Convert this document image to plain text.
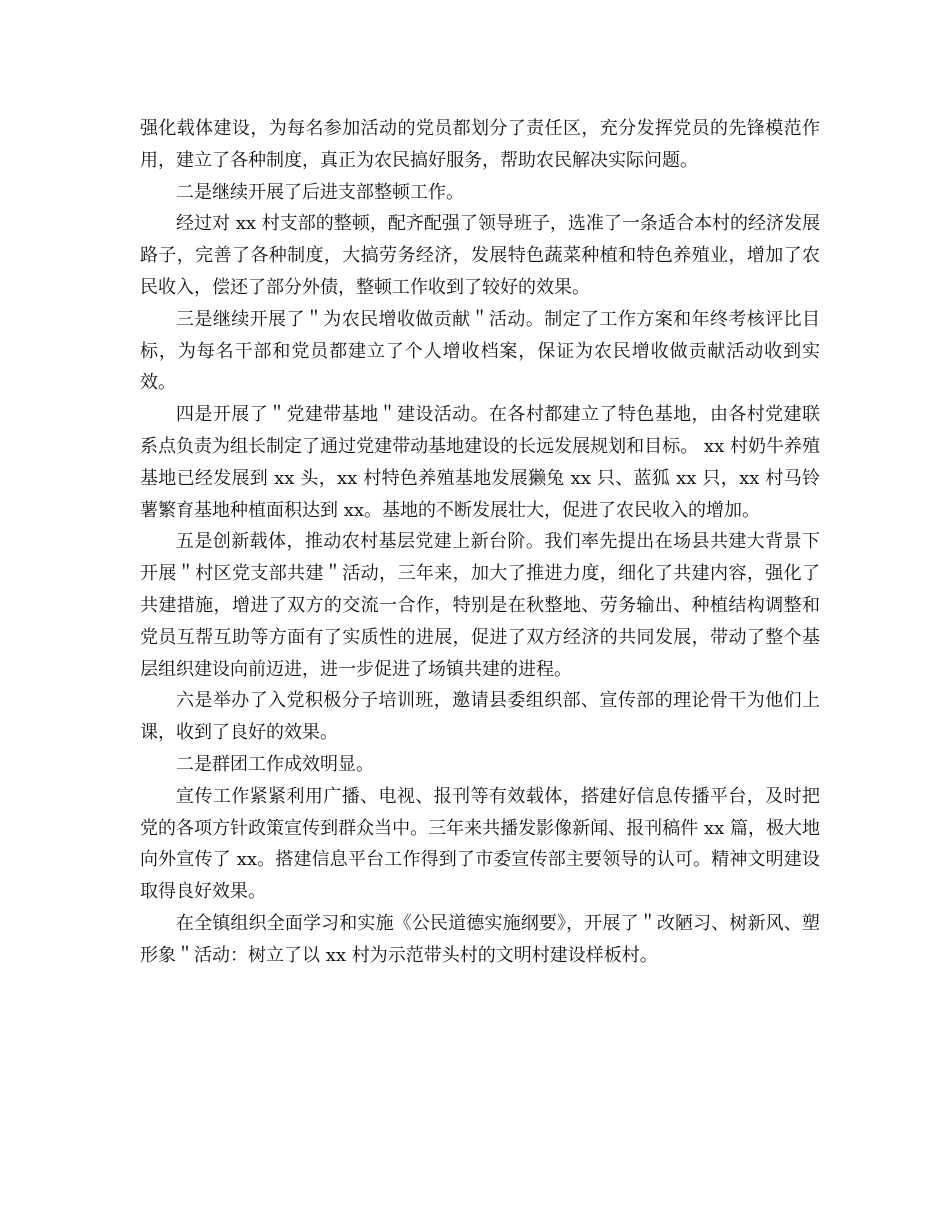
强化载体建设，为每名参加活动的党员都划分了责任区，充分发挥党员的先锋模范作用，建立了各种制度，真正为农民搞好服务，帮助农民解决实际问题。

二是继续开展了后进支部整顿工作。

经过对 xx 村支部的整顿，配齐配强了领导班子，选准了一条适合本村的经济发展路子，完善了各种制度，大搞劳务经济，发展特色蔬菜种植和特色养殖业，增加了农民收入，偿还了部分外债，整顿工作收到了较好的效果。

三是继续开展了＂为农民增收做贡献＂活动。制定了工作方案和年终考核评比目标，为每名干部和党员都建立了个人增收档案，保证为农民增收做贡献活动收到实效。

四是开展了＂党建带基地＂建设活动。在各村都建立了特色基地，由各村党建联系点负责为组长制定了通过党建带动基地建设的长远发展规划和目标。 xx 村奶牛养殖基地已经发展到 xx 头，xx 村特色养殖基地发展獭兔 xx 只、蓝狐 xx 只，xx 村马铃薯繁育基地种植面积达到 xx。基地的不断发展壮大，促进了农民收入的增加。

五是创新载体，推动农村基层党建上新台阶。我们率先提出在场县共建大背景下开展＂村区党支部共建＂活动，三年来，加大了推进力度，细化了共建内容，强化了共建措施，增进了双方的交流一合作，特别是在秋整地、劳务输出、种植结构调整和党员互帮互助等方面有了实质性的进展，促进了双方经济的共同发展，带动了整个基层组织建设向前迈进，进一步促进了场镇共建的进程。

六是举办了入党积极分子培训班，邀请县委组织部、宣传部的理论骨干为他们上课，收到了良好的效果。

二是群团工作成效明显。

宣传工作紧紧利用广播、电视、报刊等有效载体，搭建好信息传播平台，及时把党的各项方针政策宣传到群众当中。三年来共播发影像新闻、报刊稿件 xx 篇，极大地向外宣传了 xx。搭建信息平台工作得到了市委宣传部主要领导的认可。精神文明建设取得良好效果。

在全镇组织全面学习和实施《公民道德实施纲要》，开展了＂改陋习、树新风、塑形象＂活动：树立了以 xx 村为示范带头村的文明村建设样板村。
